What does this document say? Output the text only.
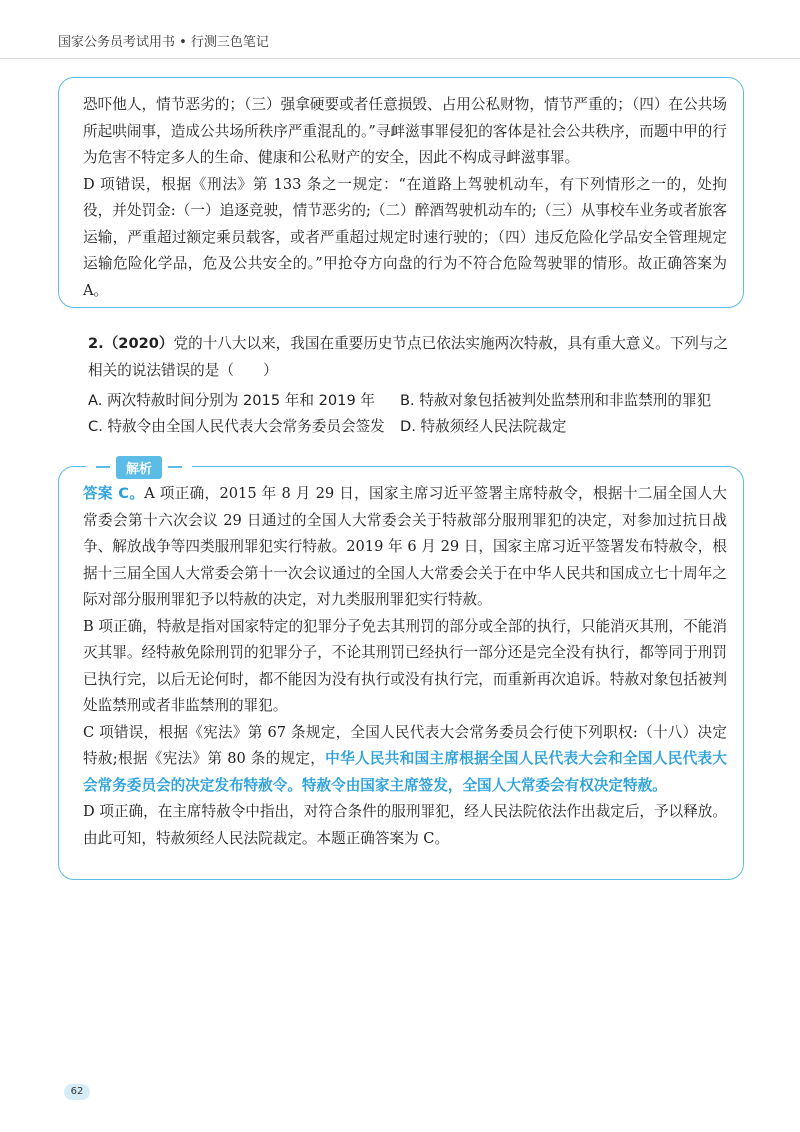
国家公务员考试用书 • 行测三色笔记

恐吓他人，情节恶劣的；（三）强拿硬要或者任意损毁、占用公私财物，情节严重的；（四）在公共场所起哄闹事，造成公共场所秩序严重混乱的。”寻衅滋事罪侵犯的客体是社会公共秩序，而题中甲的行为危害不特定多人的生命、健康和公私财产的安全，因此不构成寻衅滋事罪。

D 项错误，根据《刑法》第 133 条之一规定：“在道路上驾驶机动车，有下列情形之一的，处拘役，并处罚金:（一）追逐竞驶，情节恶劣的;（二）醉酒驾驶机动车的;（三）从事校车业务或者旅客运输，严重超过额定乘员载客，或者严重超过规定时速行驶的；（四）违反危险化学品安全管理规定运输危险化学品，危及公共安全的。”甲抢夺方向盘的行为不符合危险驾驶罪的情形。故正确答案为 A。

2.（2020）党的十八大以来，我国在重要历史节点已依法实施两次特赦，具有重大意义。下列与之相关的说法错误的是（　　）
A. 两次特赦时间分别为 2015 年和 2019 年	B. 特赦对象包括被判处监禁刑和非监禁刑的罪犯
C. 特赦令由全国人民代表大会常务委员会签发	D. 特赦须经人民法院裁定

答案 C。A 项正确，2015 年 8 月 29 日，国家主席习近平签署主席特赦令，根据十二届全国人大常委会第十六次会议 29 日通过的全国人大常委会关于特赦部分服刑罪犯的决定，对参加过抗日战争、解放战争等四类服刑罪犯实行特赦。2019 年 6 月 29 日，国家主席习近平签署发布特赦令，根据十三届全国人大常委会第十一次会议通过的全国人大常委会关于在中华人民共和国成立七十周年之际对部分服刑罪犯予以特赦的决定，对九类服刑罪犯实行特赦。

B 项正确，特赦是指对国家特定的犯罪分子免去其刑罚的部分或全部的执行，只能消灭其刑，不能消灭其罪。经特赦免除刑罚的犯罪分子，不论其刑罚已经执行一部分还是完全没有执行，都等同于刑罚已执行完，以后无论何时，都不能因为没有执行或没有执行完，而重新再次追诉。特赦对象包括被判处监禁刑或者非监禁刑的罪犯。

C 项错误，根据《宪法》第 67 条规定，全国人民代表大会常务委员会行使下列职权:（十八）决定特赦;根据《宪法》第 80 条的规定，中华人民共和国主席根据全国人民代表大会和全国人民代表大会常务委员会的决定发布特赦令。特赦令由国家主席签发，全国人大常委会有权决定特赦。

D 项正确，在主席特赦令中指出，对符合条件的服刑罪犯，经人民法院依法作出裁定后，予以释放。由此可知，特赦须经人民法院裁定。本题正确答案为 C。

解析
62
